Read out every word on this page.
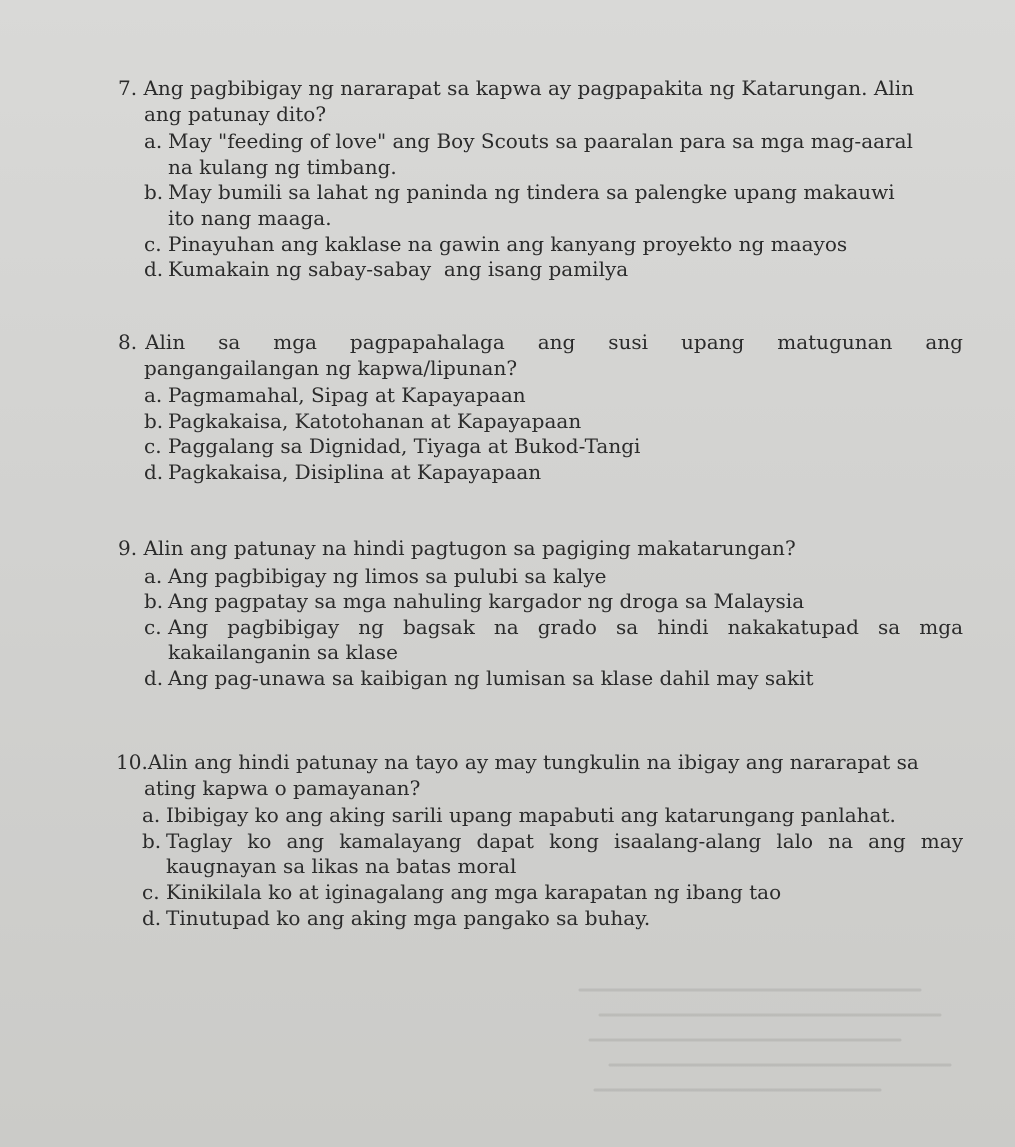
7. Ang pagbibigay ng nararapat sa kapwa ay pagpapakita ng Katarungan. Alin
ang patunay dito?
a. May "feeding of love" ang Boy Scouts sa paaralan para sa mga mag-aaral
na kulang ng timbang.
b. May bumili sa lahat ng paninda ng tindera sa palengke upang makauwi
ito nang maaga.
c. Pinayuhan ang kaklase na gawin ang kanyang proyekto ng maayos
d. Kumakain ng sabay-sabay  ang isang pamilya
8. Alin sa mga pagpapahalaga ang susi upang matugunan ang
pangangailangan ng kapwa/lipunan?
a. Pagmamahal, Sipag at Kapayapaan
b. Pagkakaisa, Katotohanan at Kapayapaan
c. Paggalang sa Dignidad, Tiyaga at Bukod-Tangi
d. Pagkakaisa, Disiplina at Kapayapaan
9. Alin ang patunay na hindi pagtugon sa pagiging makatarungan?
a. Ang pagbibigay ng limos sa pulubi sa kalye
b. Ang pagpatay sa mga nahuling kargador ng droga sa Malaysia
c. Ang pagbibigay ng bagsak na grado sa hindi nakakatupad sa mga
kakailanganin sa klase
d. Ang pag-unawa sa kaibigan ng lumisan sa klase dahil may sakit
10.Alin ang hindi patunay na tayo ay may tungkulin na ibigay ang nararapat sa
ating kapwa o pamayanan?
a. Ibibigay ko ang aking sarili upang mapabuti ang katarungang panlahat.
b. Taglay ko ang kamalayang dapat kong isaalang-alang lalo na ang may
kaugnayan sa likas na batas moral
c. Kinikilala ko at iginagalang ang mga karapatan ng ibang tao
d. Tinutupad ko ang aking mga pangako sa buhay.
